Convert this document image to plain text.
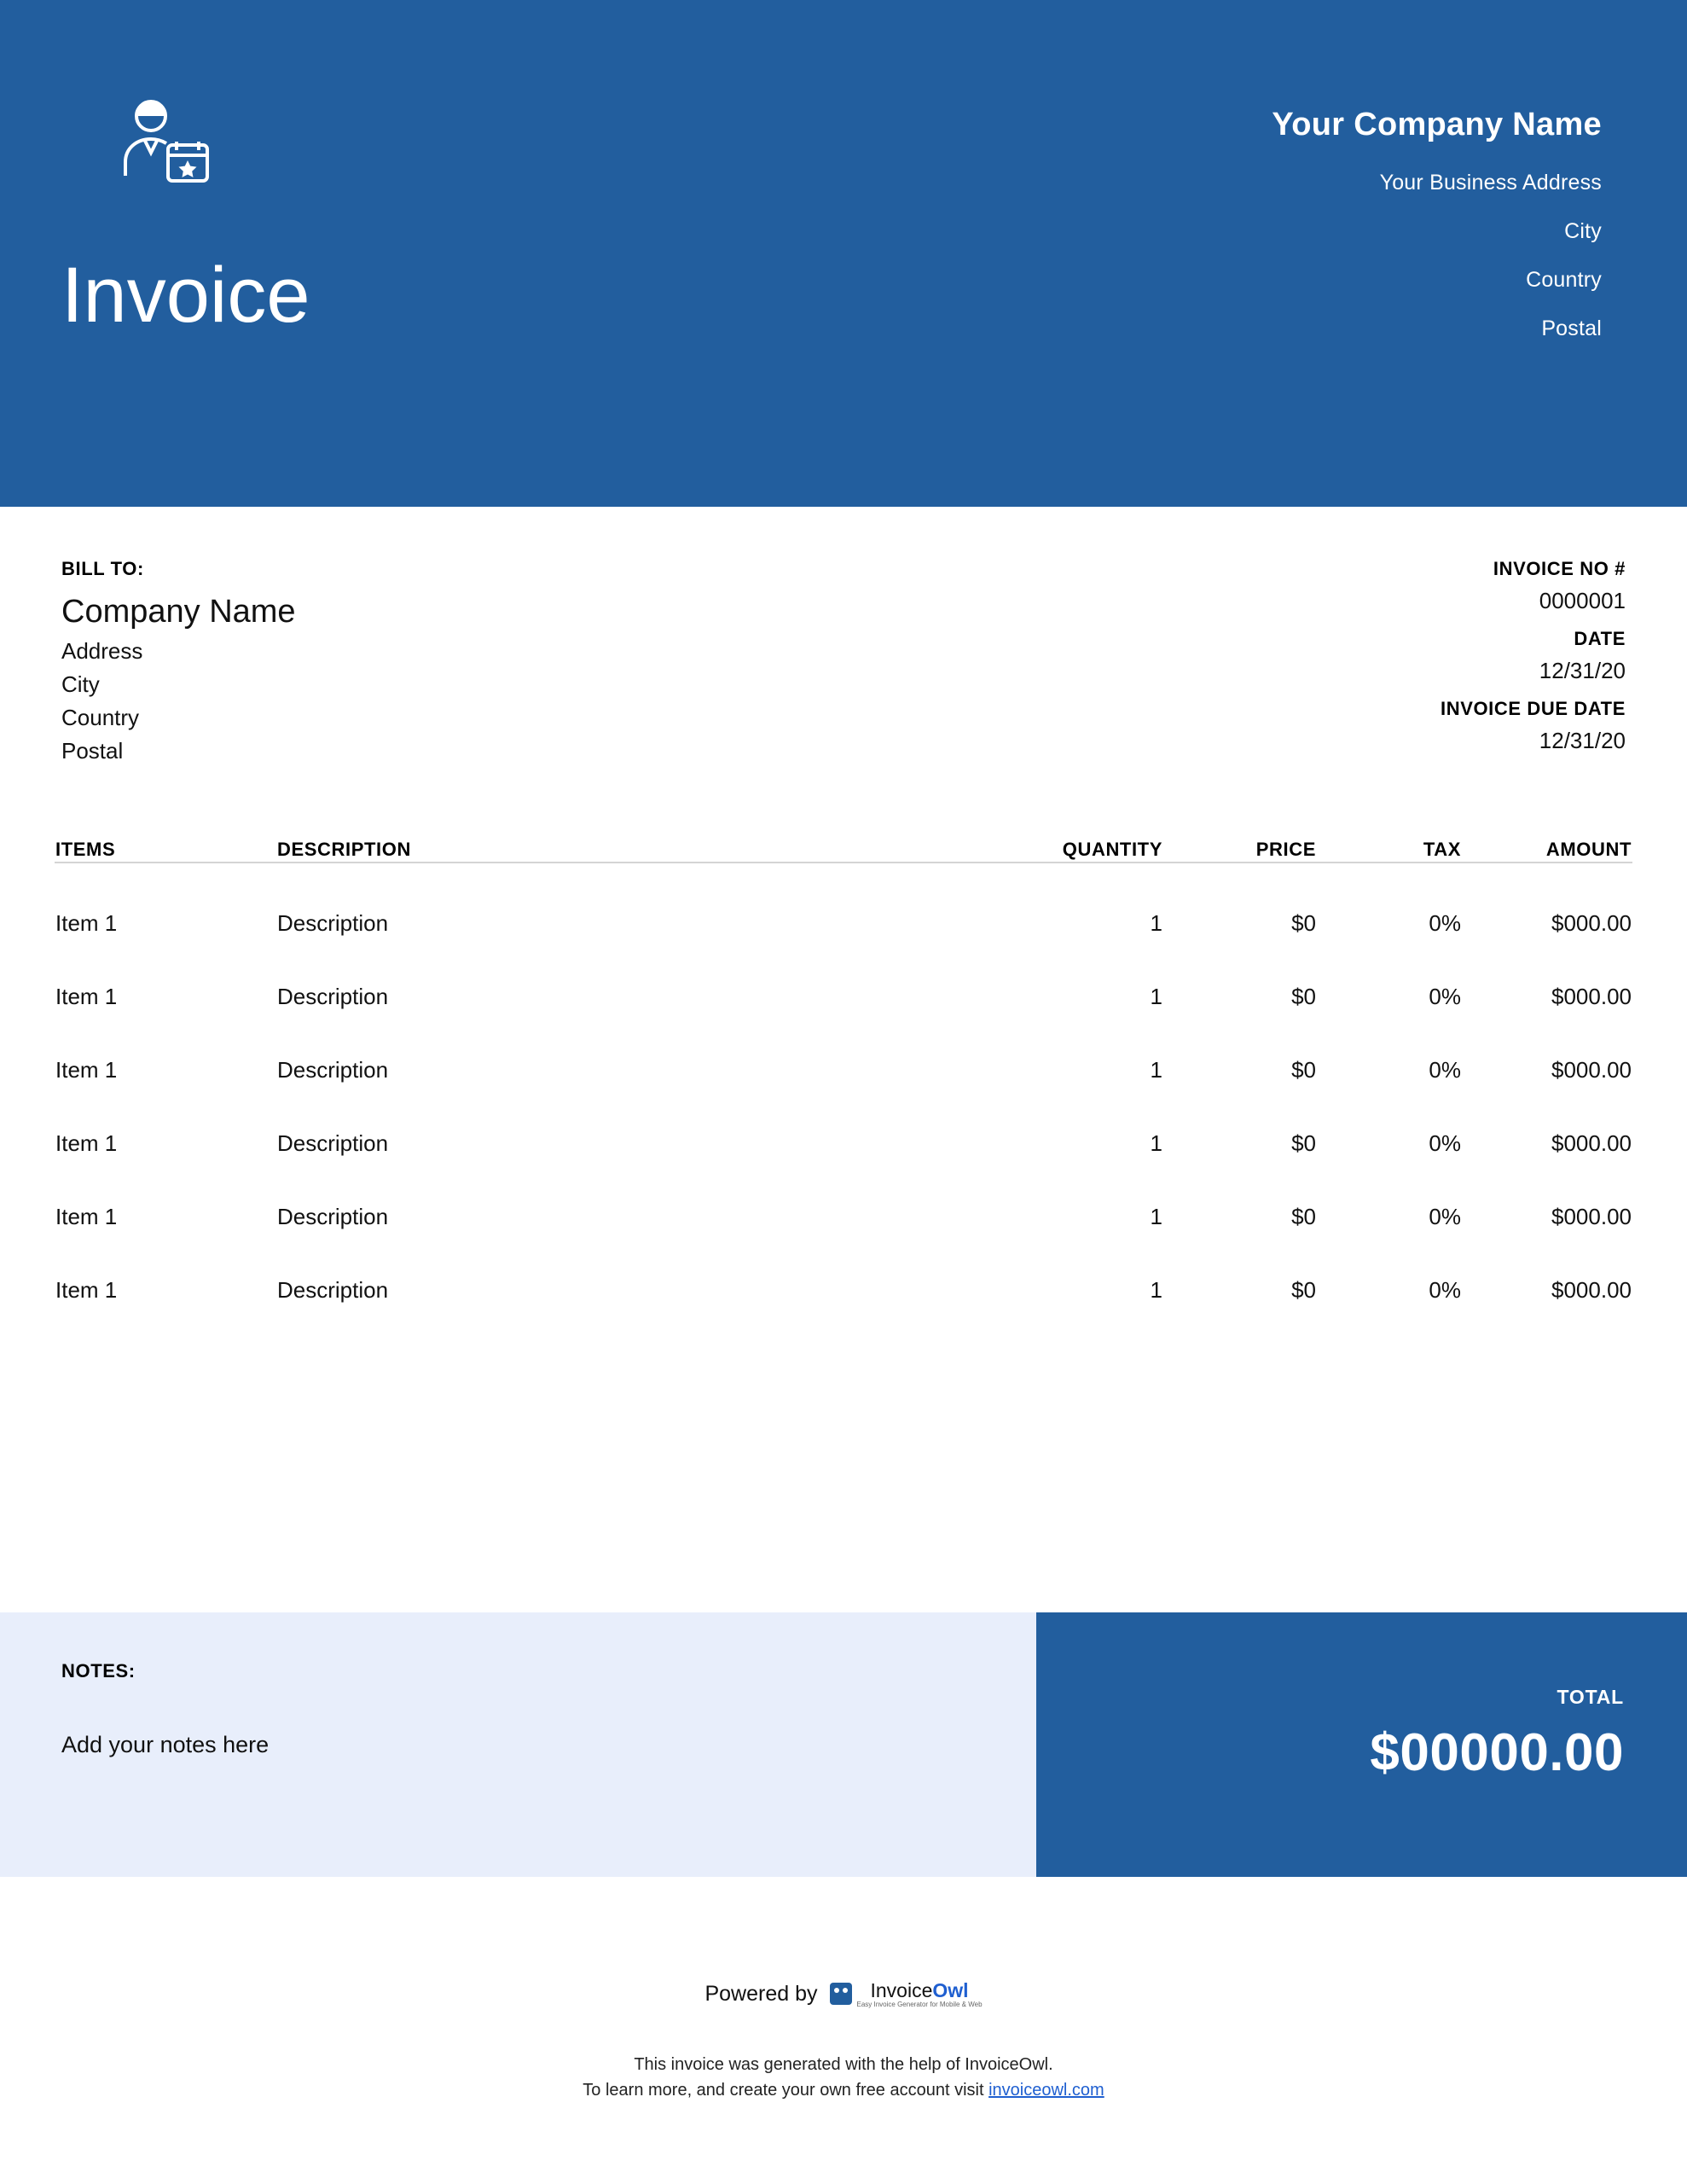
Invoice
Your Company Name
Your Business Address
City
Country
Postal
BILL TO:
Company Name
Address
City
Country
Postal
INVOICE NO #
0000001
DATE
12/31/20
INVOICE DUE DATE
12/31/20
ITEMS	DESCRIPTION	QUANTITY	PRICE	TAX	AMOUNT
Item 1	Description	1	$0	0%	$000.00
Item 1	Description	1	$0	0%	$000.00
Item 1	Description	1	$0	0%	$000.00
Item 1	Description	1	$0	0%	$000.00
Item 1	Description	1	$0	0%	$000.00
Item 1	Description	1	$0	0%	$000.00
NOTES:
Add your notes here
TOTAL
$00000.00
Powered by	InvoiceOwl
Easy Invoice Generator for Mobile & Web
This invoice was generated with the help of InvoiceOwl.
To learn more, and create your own free account visit invoiceowl.com
